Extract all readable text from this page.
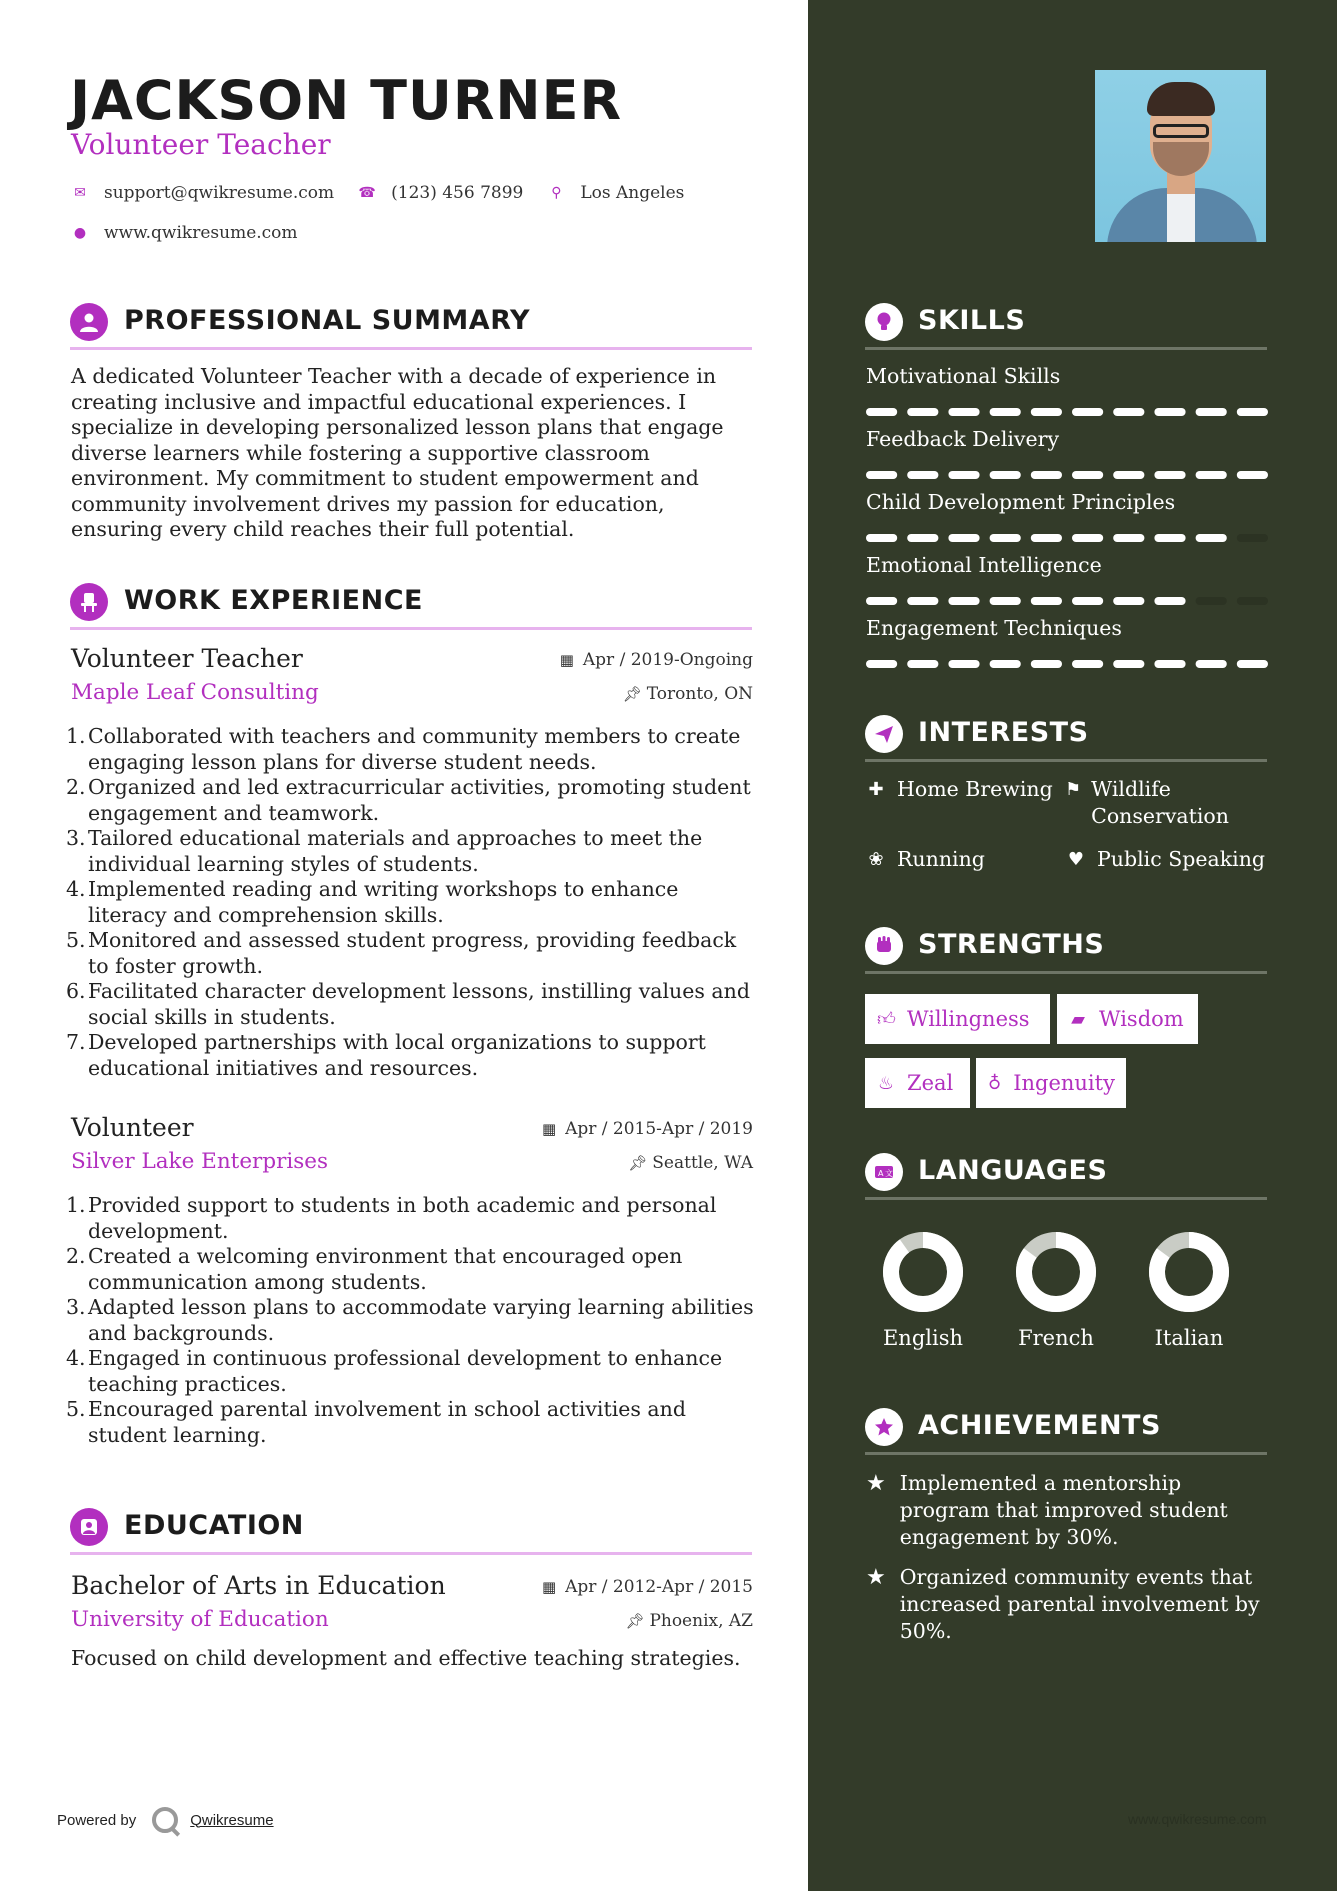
JACKSON TURNER
Volunteer Teacher
✉ support@qwikresume.com ☎ (123) 456 7899 ⚲ Los Angeles
● www.qwikresume.com
PROFESSIONAL SUMMARY
A dedicated Volunteer Teacher with a decade of experience in creating inclusive and impactful educational experiences. I specialize in developing personalized lesson plans that engage diverse learners while fostering a supportive classroom environment. My commitment to student empowerment and community involvement drives my passion for education, ensuring every child reaches their full potential.
WORK EXPERIENCE
Volunteer Teacher	▦ Apr / 2019-Ongoing
Maple Leaf Consulting	📌︎ Toronto, ON
1. Collaborated with teachers and community members to create engaging lesson plans for diverse student needs.
2. Organized and led extracurricular activities, promoting student engagement and teamwork.
3. Tailored educational materials and approaches to meet the individual learning styles of students.
4. Implemented reading and writing workshops to enhance literacy and comprehension skills.
5. Monitored and assessed student progress, providing feedback to foster growth.
6. Facilitated character development lessons, instilling values and social skills in students.
7. Developed partnerships with local organizations to support educational initiatives and resources.
Volunteer	▦ Apr / 2015-Apr / 2019
Silver Lake Enterprises	📌︎ Seattle, WA
1. Provided support to students in both academic and personal development.
2. Created a welcoming environment that encouraged open communication among students.
3. Adapted lesson plans to accommodate varying learning abilities and backgrounds.
4. Engaged in continuous professional development to enhance teaching practices.
5. Encouraged parental involvement in school activities and student learning.
EDUCATION
Bachelor of Arts in Education	▦ Apr / 2012-Apr / 2015
University of Education	📌︎ Phoenix, AZ
Focused on child development and effective teaching strategies.
Powered by	Qwikresume
SKILLS
Motivational Skills
Feedback Delivery
Child Development Principles
Emotional Intelligence
Engagement Techniques
INTERESTS
✚ Home Brewing ⚑ Wildlife Conservation
❀ Running	♥ Public Speaking
STRENGTHS
👍︎ Willingness ▰ Wisdom
♨ Zeal ♁ Ingenuity
A 文 LANGUAGES
English	French	Italian
ACHIEVEMENTS
★ Implemented a mentorship program that improved student engagement by 30%.
★ Organized community events that increased parental involvement by 50%.
www.qwikresume.com
